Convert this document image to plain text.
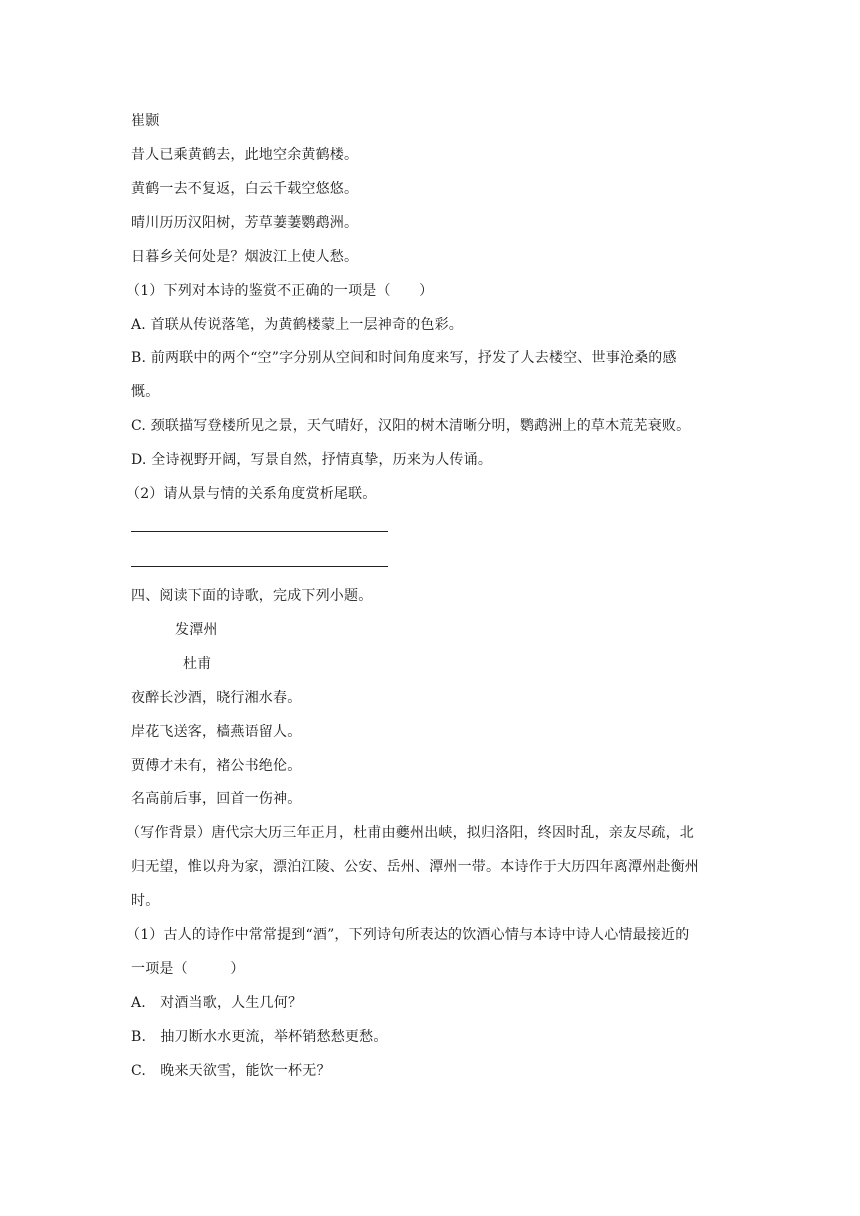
崔颢
昔人已乘黄鹤去，此地空余黄鹤楼。
黄鹤一去不复返，白云千载空悠悠。
晴川历历汉阳树，芳草萋萋鹦鹉洲。
日暮乡关何处是？烟波江上使人愁。
（1）下列对本诗的鉴赏不正确的一项是（　　）
A. 首联从传说落笔，为黄鹤楼蒙上一层神奇的色彩。
B. 前两联中的两个“空”字分别从空间和时间角度来写，抒发了人去楼空、世事沧桑的感
慨。
C. 颈联描写登楼所见之景，天气晴好，汉阳的树木清晰分明，鹦鹉洲上的草木荒芜衰败。
D. 全诗视野开阔，写景自然，抒情真挚，历来为人传诵。
（2）请从景与情的关系角度赏析尾联。
四、阅读下面的诗歌，完成下列小题。
发潭州
杜甫
夜醉长沙酒，晓行湘水春。
岸花飞送客，樯燕语留人。
贾傅才未有，褚公书绝伦。
名高前后事，回首一伤神。
（写作背景）唐代宗大历三年正月，杜甫由夔州出峡，拟归洛阳，终因时乱，亲友尽疏，北
归无望，惟以舟为家，漂泊江陵、公安、岳州、潭州一带。本诗作于大历四年离潭州赴衡州
时。
（1）古人的诗作中常常提到“酒”，下列诗句所表达的饮酒心情与本诗中诗人心情最接近的
一项是（　　　）
A.　对酒当歌，人生几何？
B.　抽刀断水水更流，举杯销愁愁更愁。
C.　晚来天欲雪，能饮一杯无？
